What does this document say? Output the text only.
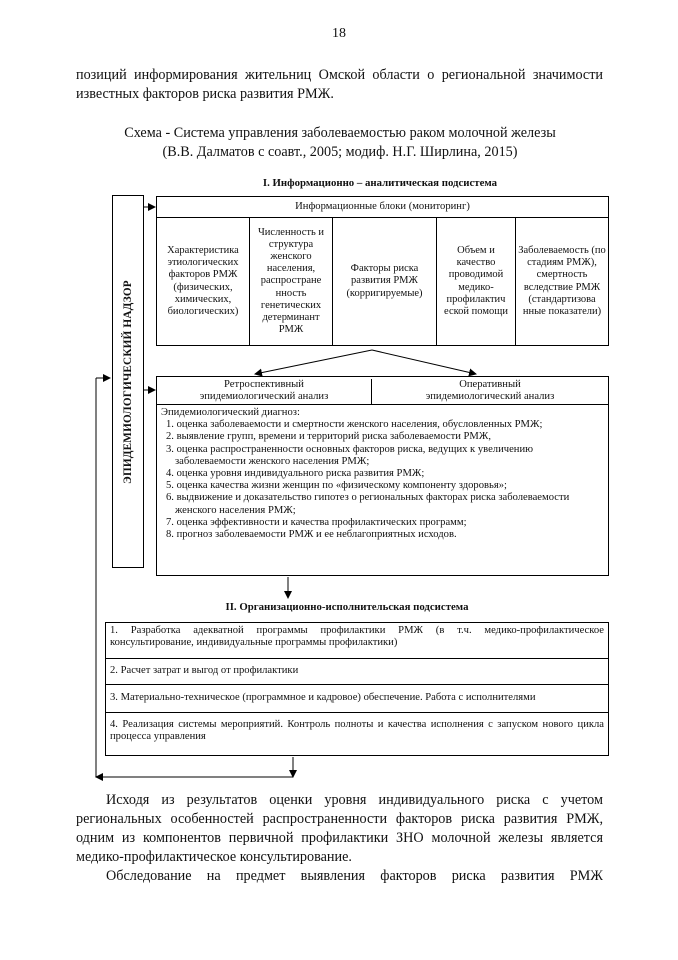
18
позиций информирования жительниц Омской области о региональной значимости известных факторов риска развития РМЖ.
Схема - Система управления заболеваемостью раком молочной железы
(В.В. Далматов с соавт., 2005; модиф. Н.Г. Ширлина, 2015)
I. Информационно – аналитическая подсистема
ЭПИДЕМИОЛОГИЧЕСКИЙ НАДЗОР
Информационные блоки (мониторинг)
Характеристика этиологических факторов РМЖ (физических, химических, биологических)
Численность и структура женского населения, распростране нность генетических детерминант РМЖ
Факторы риска развития РМЖ (корригируемые)
Объем и качество проводимой медико-профилактич еской помощи
Заболеваемость (по стадиям РМЖ), смертность вследствие РМЖ (стандартизова нные показатели)
Ретроспективный
эпидемиологический анализ
Оперативный
эпидемиологический анализ
Эпидемиологический диагноз:
1. оценка заболеваемости и смертности женского населения, обусловленных РМЖ;
2. выявление групп, времени и территорий риска заболеваемости РМЖ,
3. оценка распространенности основных факторов риска, ведущих к увеличению заболеваемости женского населения РМЖ;
4. оценка уровня индивидуального риска развития РМЖ;
5. оценка качества жизни женщин по «физическому компоненту здоровья»;
6. выдвижение и доказательство гипотез о региональных факторах риска заболеваемости женского населения РМЖ;
7. оценка эффективности и качества профилактических программ;
8. прогноз заболеваемости РМЖ и ее неблагоприятных исходов.
II. Организационно-исполнительская подсистема
1. Разработка адекватной программы профилактики РМЖ (в т.ч. медико-профилактическое консультирование, индивидуальные программы профилактики)
2. Расчет затрат и выгод от профилактики
3. Материально-техническое (программное и кадровое) обеспечение. Работа с исполнителями
4. Реализация системы мероприятий. Контроль полноты и качества исполнения с запуском нового цикла процесса управления
Исходя из результатов оценки уровня индивидуального риска с учетом региональных особенностей распространенности факторов риска развития РМЖ, одним из компонентов первичной профилактики ЗНО молочной железы является медико-профилактическое консультирование.
Обследование на предмет выявления факторов риска развития РМЖ
